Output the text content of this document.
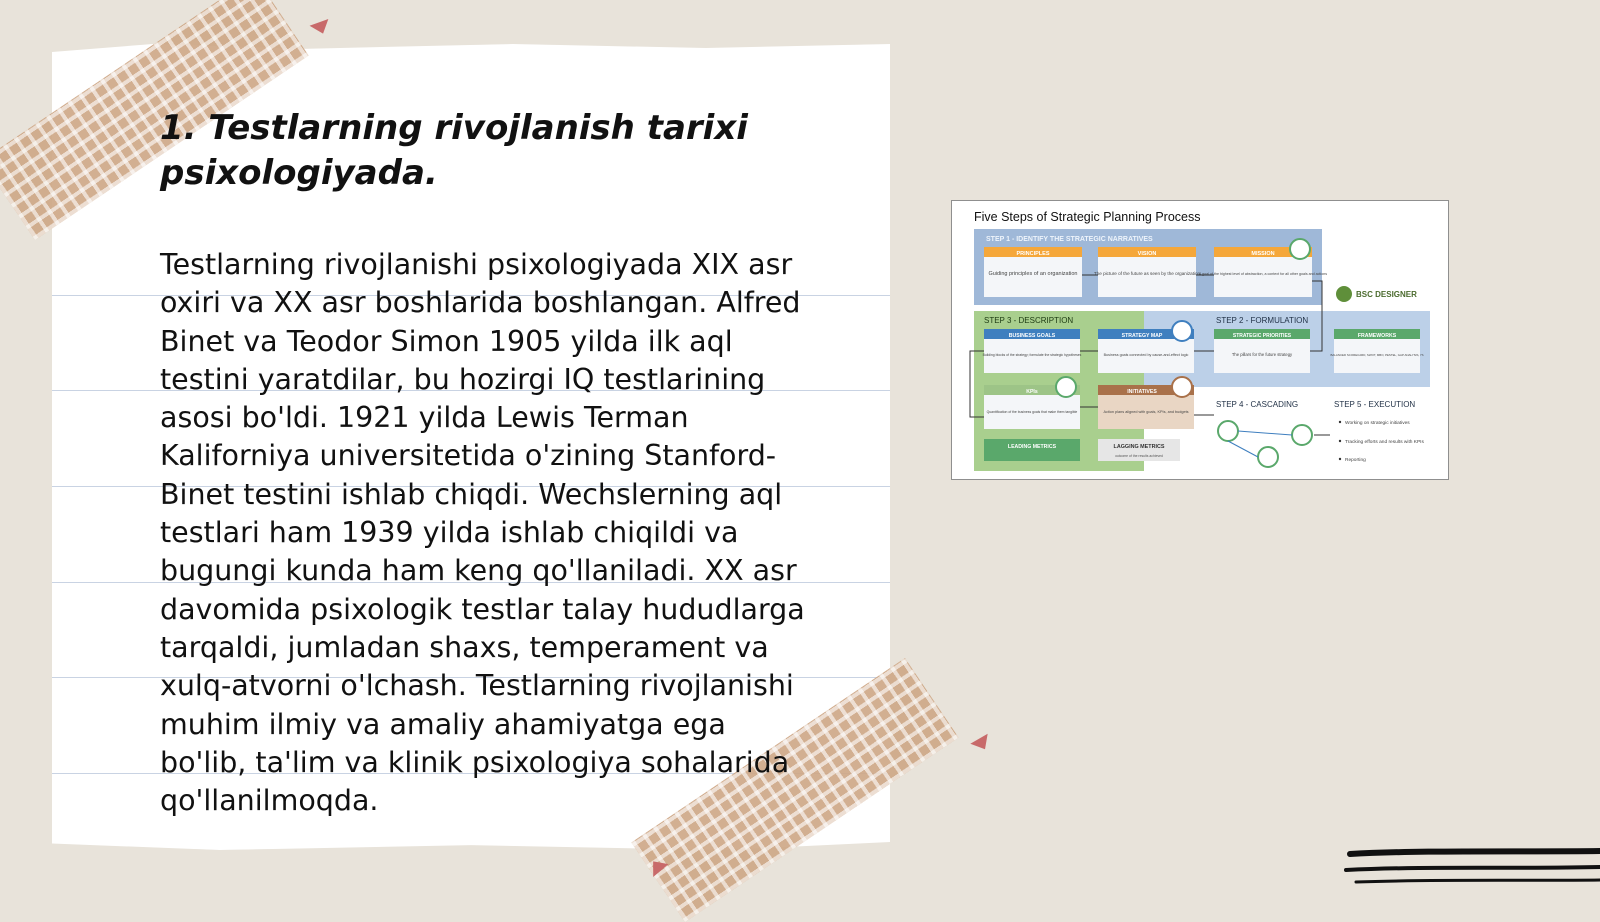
1. Testlarning rivojlanish tarixi
psixologiyada.
Testlarning rivojlanishi psixologiyada XIX asr
oxiri va XX asr boshlarida boshlangan. Alfred
Binet va Teodor Simon 1905 yilda ilk aql
testini yaratdilar, bu hozirgi IQ testlarining
asosi bo'ldi. 1921 yilda Lewis Terman
Kaliforniya universitetida o'zining Stanford-
Binet testini ishlab chiqdi. Wechslerning aql
testlari ham 1939 yilda ishlab chiqildi va
bugungi kunda ham keng qo'llaniladi. XX asr
davomida psixologik testlar talay hududlarga
tarqaldi, jumladan shaxs, temperament va
xulq-atvorni o'lchash. Testlarning rivojlanishi
muhim ilmiy va amaliy ahamiyatga ega
bo'lib, ta'lim va klinik psixologiya sohalarida
qo'llanilmoqda.
Five Steps of Strategic Planning Process
STEP 1 - IDENTIFY THE STRATEGIC NARRATIVES
PRINCIPLES
Guiding principles of an organization
VISION
The picture of the future as seen by the organization
MISSION
A goal of the highest level of abstraction, a context for all other goals and actions
BSC DESIGNER
STEP 3 - DESCRIPTION	STEP 2 - FORMULATION
BUSINESS GOALS
Building blocks of the strategy; formulate the strategic hypotheses
STRATEGY MAP
Business goals connected by cause-and-effect logic
STRATEGIC PRIORITIES
The pillars for the future strategy
FRAMEWORKS
BALANCED SCORECARD, SWOT, MBO, PESTEL, GAP ANALYSIS, 7S
KPIs
Quantification of the business goals that make them tangible
INITIATIVES
Action plans aligned with goals, KPIs, and budgets
LEADING METRICS	LAGGING METRICS
outcome of the results achieved
STEP 4 - CASCADING	STEP 5 - EXECUTION
Working on strategic initiatives
Tracking efforts and results with KPIs
Reporting
